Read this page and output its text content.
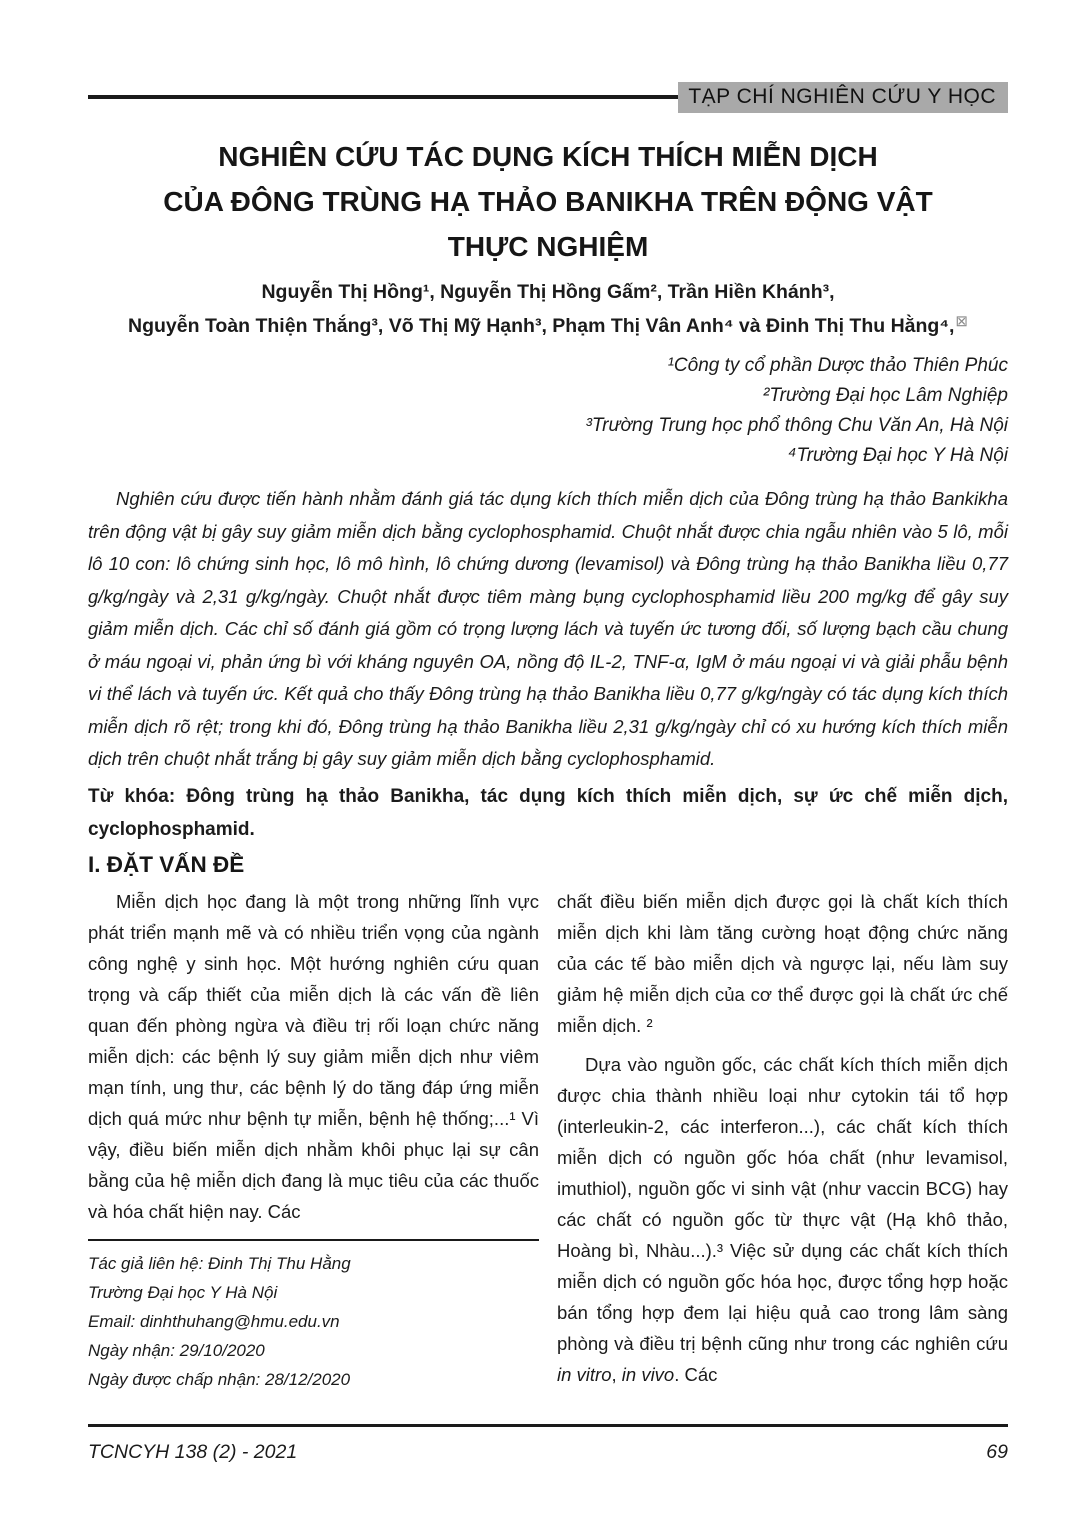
TẠP CHÍ NGHIÊN CỨU Y HỌC
NGHIÊN CỨU TÁC DỤNG KÍCH THÍCH MIỄN DỊCH
CỦA ĐÔNG TRÙNG HẠ THẢO BANIKHA TRÊN ĐỘNG VẬT
THỰC NGHIỆM
Nguyễn Thị Hồng¹, Nguyễn Thị Hồng Gấm², Trần Hiền Khánh³,
Nguyễn Toàn Thiện Thắng³, Võ Thị Mỹ Hạnh³, Phạm Thị Vân Anh⁴ và Đinh Thị Thu Hằng⁴,⊠
¹Công ty cổ phần Dược thảo Thiên Phúc
²Trường Đại học Lâm Nghiệp
³Trường Trung học phổ thông Chu Văn An, Hà Nội
⁴Trường Đại học Y Hà Nội

Nghiên cứu được tiến hành nhằm đánh giá tác dụng kích thích miễn dịch của Đông trùng hạ thảo Bankikha trên động vật bị gây suy giảm miễn dịch bằng cyclophosphamid. Chuột nhắt được chia ngẫu nhiên vào 5 lô, mỗi lô 10 con: lô chứng sinh học, lô mô hình, lô chứng dương (levamisol) và Đông trùng hạ thảo Banikha liều 0,77 g/kg/ngày và 2,31 g/kg/ngày. Chuột nhắt được tiêm màng bụng cyclophosphamid liều 200 mg/kg để gây suy giảm miễn dịch. Các chỉ số đánh giá gồm có trọng lượng lách và tuyến ức tương đối, số lượng bạch cầu chung ở máu ngoại vi, phản ứng bì với kháng nguyên OA, nồng độ IL-2, TNF-α, IgM ở máu ngoại vi và giải phẫu bệnh vi thể lách và tuyến ức. Kết quả cho thấy Đông trùng hạ thảo Banikha liều 0,77 g/kg/ngày có tác dụng kích thích miễn dịch rõ rệt; trong khi đó, Đông trùng hạ thảo Banikha liều 2,31 g/kg/ngày chỉ có xu hướng kích thích miễn dịch trên chuột nhắt trắng bị gây suy giảm miễn dịch bằng cyclophosphamid.

Từ khóa: Đông trùng hạ thảo Banikha, tác dụng kích thích miễn dịch, sự ức chế miễn dịch, cyclophosphamid.

I. ĐẶT VẤN ĐỀ

Miễn dịch học đang là một trong những lĩnh vực phát triển mạnh mẽ và có nhiều triển vọng của ngành công nghệ y sinh học. Một hướng nghiên cứu quan trọng và cấp thiết của miễn dịch là các vấn đề liên quan đến phòng ngừa và điều trị rối loạn chức năng miễn dịch: các bệnh lý suy giảm miễn dịch như viêm mạn tính, ung thư, các bệnh lý do tăng đáp ứng miễn dịch quá mức như bệnh tự miễn, bệnh hệ thống;...¹ Vì vậy, điều biến miễn dịch nhằm khôi phục lại sự cân bằng của hệ miễn dịch đang là mục tiêu của các thuốc và hóa chất hiện nay. Các

Tác giả liên hệ: Đinh Thị Thu Hằng
Trường Đại học Y Hà Nội
Email: dinhthuhang@hmu.edu.vn
Ngày nhận: 29/10/2020
Ngày được chấp nhận: 28/12/2020

chất điều biến miễn dịch được gọi là chất kích thích miễn dịch khi làm tăng cường hoạt động chức năng của các tế bào miễn dịch và ngược lại, nếu làm suy giảm hệ miễn dịch của cơ thể được gọi là chất ức chế miễn dịch. ²

Dựa vào nguồn gốc, các chất kích thích miễn dịch được chia thành nhiều loại như cytokin tái tổ hợp (interleukin-2, các interferon...), các chất kích thích miễn dịch có nguồn gốc hóa chất (như levamisol, imuthiol), nguồn gốc vi sinh vật (như vaccin BCG) hay các chất có nguồn gốc từ thực vật (Hạ khô thảo, Hoàng bì, Nhàu...).³ Việc sử dụng các chất kích thích miễn dịch có nguồn gốc hóa học, được tổng hợp hoặc bán tổng hợp đem lại hiệu quả cao trong lâm sàng phòng và điều trị bệnh cũng như trong các nghiên cứu in vitro, in vivo. Các

TCNCYH 138 (2) - 2021	69
